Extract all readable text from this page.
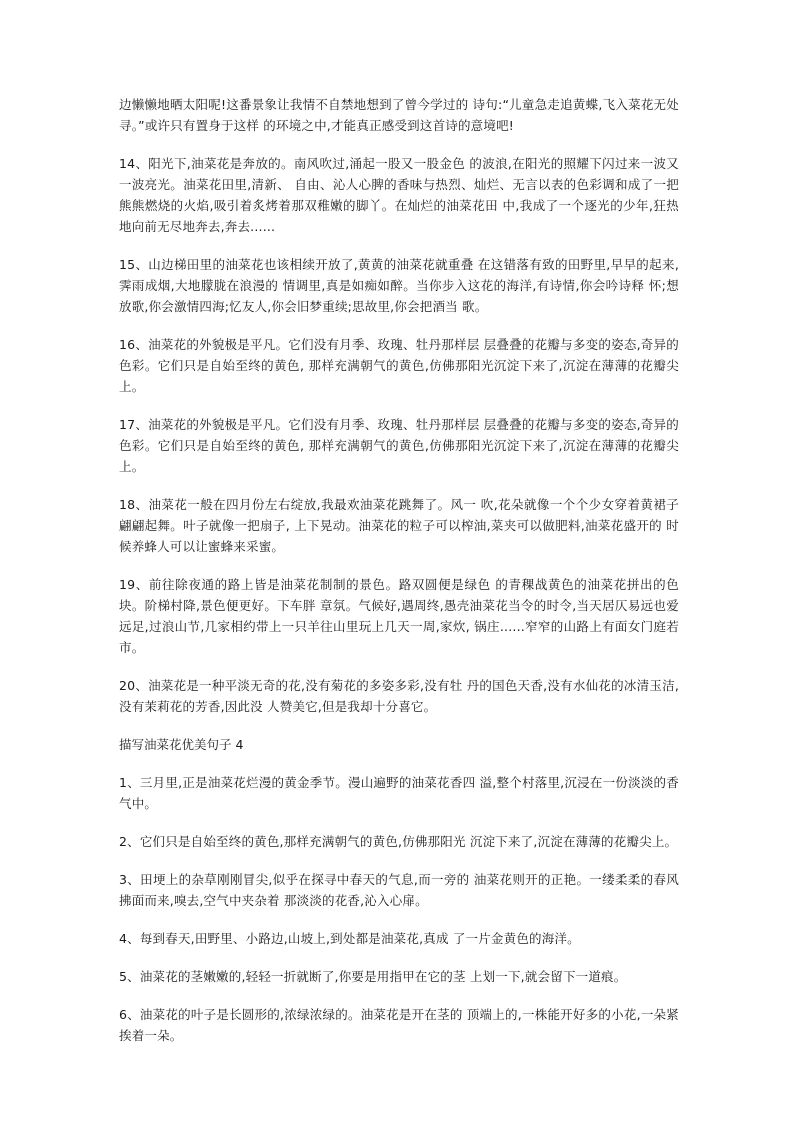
边懒懒地晒太阳呢!这番景象让我情不自禁地想到了曾今学过的 诗句:“儿童急走追黄蝶,飞入菜花无处寻。”或许只有置身于这样 的环境之中,才能真正感受到这首诗的意境吧!

14、阳光下,油菜花是奔放的。南风吹过,涌起一股又一股金色 的波浪,在阳光的照耀下闪过来一波又一波亮光。油菜花田里,清新、 自由、沁人心脾的香味与热烈、灿烂、无言以表的色彩调和成了一把 熊熊燃烧的火焰,吸引着炙烤着那双稚嫩的脚丫。在灿烂的油菜花田 中,我成了一个逐光的少年,狂热地向前无尽地奔去,奔去......

15、山边梯田里的油菜花也该相续开放了,黄黄的油菜花就重叠 在这错落有致的田野里,早早的起来,霁雨成烟,大地朦胧在浪漫的 情调里,真是如痴如醉。当你步入这花的海洋,有诗情,你会吟诗释 怀;想放歌,你会激情四海;忆友人,你会旧梦重续;思故里,你会把酒当 歌。

16、油菜花的外貌极是平凡。它们没有月季、玫瑰、牡丹那样层 层叠叠的花瓣与多变的姿态,奇异的色彩。它们只是自始至终的黄色, 那样充满朝气的黄色,仿佛那阳光沉淀下来了,沉淀在薄薄的花瓣尖 上。

17、油菜花的外貌极是平凡。它们没有月季、玫瑰、牡丹那样层 层叠叠的花瓣与多变的姿态,奇异的色彩。它们只是自始至终的黄色, 那样充满朝气的黄色,仿佛那阳光沉淀下来了,沉淀在薄薄的花瓣尖 上。

18、油菜花一般在四月份左右绽放,我最欢油菜花跳舞了。风一 吹,花朵就像一个个少女穿着黄裙子翩翩起舞。叶子就像一把扇子, 上下晃动。油菜花的粒子可以榨油,菜夹可以做肥料,油菜花盛开的 时候养蜂人可以让蜜蜂来采蜜。

19、前往除夜通的路上皆是油菜花制制的景色。路双圆便是绿色 的青稞战黄色的油菜花拼出的色块。阶梯村降,景色便更好。下车胖 章氛。气候好,遇周终,愚壳油菜花当令的时令,当天居仄易远也爱远足,过浪山节,几家相约带上一只羊往山里玩上几天一周,家炊, 锅庄......窄窄的山路上有面女门庭若市。

20、油菜花是一种平淡无奇的花,没有菊花的多姿多彩,没有牡 丹的国色天香,没有水仙花的冰清玉洁,没有茉莉花的芳香,因此没 人赞美它,但是我却十分喜它。

描写油菜花优美句子 4

1、三月里,正是油菜花烂漫的黄金季节。漫山遍野的油菜花香四 溢,整个村落里,沉浸在一份淡淡的香气中。

2、它们只是自始至终的黄色,那样充满朝气的黄色,仿佛那阳光 沉淀下来了,沉淀在薄薄的花瓣尖上。

3、田埂上的杂草刚刚冒尖,似乎在探寻中春天的气息,而一旁的 油菜花则开的正艳。一缕柔柔的春风拂面而来,嗅去,空气中夹杂着 那淡淡的花香,沁入心扉。

4、每到春天,田野里、小路边,山坡上,到处都是油菜花,真成 了一片金黄色的海洋。

5、油菜花的茎嫩嫩的,轻轻一折就断了,你要是用指甲在它的茎 上划一下,就会留下一道痕。

6、油菜花的叶子是长圆形的,浓绿浓绿的。油菜花是开在茎的 顶端上的,一株能开好多的小花,一朵紧挨着一朵。
